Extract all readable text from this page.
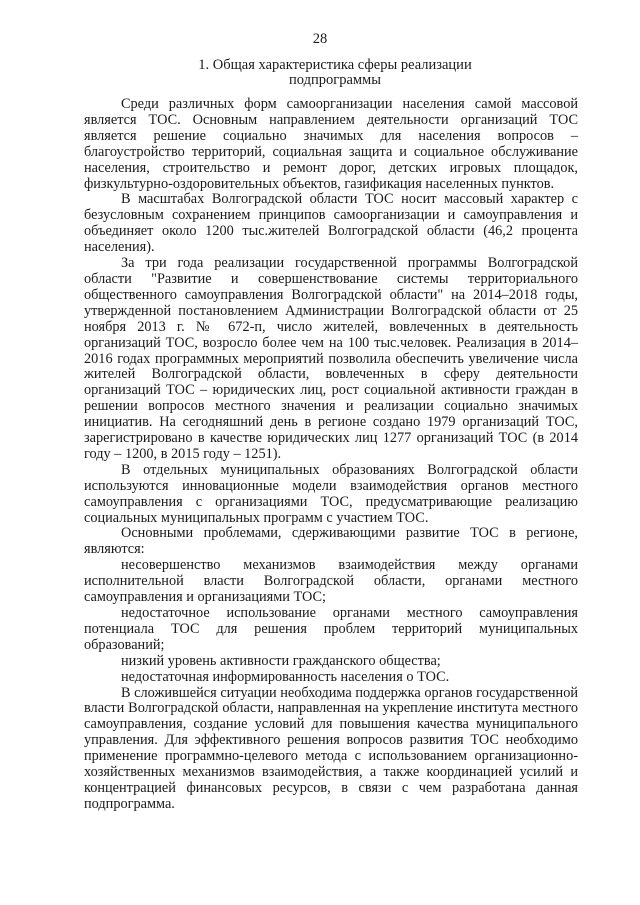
28
1. Общая характеристика сферы реализации
подпрограммы

Среди различных форм самоорганизации населения самой массовой является ТОС. Основным направлением деятельности организаций ТОС является решение социально значимых для населения вопросов – благоустройство территорий, социальная защита и социальное обслуживание населения, строительство и ремонт дорог, детских игровых площадок, физкультурно-оздоровительных объектов, газификация населенных пунктов.

В масштабах Волгоградской области ТОС носит массовый характер с безусловным сохранением принципов самоорганизации и самоуправления и объединяет около 1200 тыс.жителей Волгоградской области (46,2 процента населения).

За три года реализации государственной программы Волгоградской области "Развитие и совершенствование системы территориального общественного самоуправления Волгоградской области" на 2014–2018 годы, утвержденной постановлением Администрации Волгоградской области от 25 ноября 2013 г. № 672-п, число жителей, вовлеченных в деятельность организаций ТОС, возросло более чем на 100 тыс.человек. Реализация в 2014–2016 годах программных мероприятий позволила обеспечить увеличение числа жителей Волгоградской области, вовлеченных в сферу деятельности организаций ТОС – юридических лиц, рост социальной активности граждан в решении вопросов местного значения и реализации социально значимых инициатив. На сегодняшний день в регионе создано 1979 организаций ТОС, зарегистрировано в качестве юридических лиц 1277 организаций ТОС (в 2014 году – 1200, в 2015 году – 1251).

В отдельных муниципальных образованиях Волгоградской области используются инновационные модели взаимодействия органов местного самоуправления с организациями ТОС, предусматривающие реализацию социальных муниципальных программ с участием ТОС.

Основными проблемами, сдерживающими развитие ТОС в регионе, являются:

несовершенство механизмов взаимодействия между органами исполнительной власти Волгоградской области, органами местного самоуправления и организациями ТОС;

недостаточное использование органами местного самоуправления потенциала ТОС для решения проблем территорий муниципальных образований;

низкий уровень активности гражданского общества;

недостаточная информированность населения о ТОС.

В сложившейся ситуации необходима поддержка органов государственной власти Волгоградской области, направленная на укрепление института местного самоуправления, создание условий для повышения качества муниципального управления. Для эффективного решения вопросов развития ТОС необходимо применение программно-целевого метода с использованием организационно-хозяйственных механизмов взаимодействия, а также координацией усилий и концентрацией финансовых ресурсов, в связи с чем разработана данная подпрограмма.
